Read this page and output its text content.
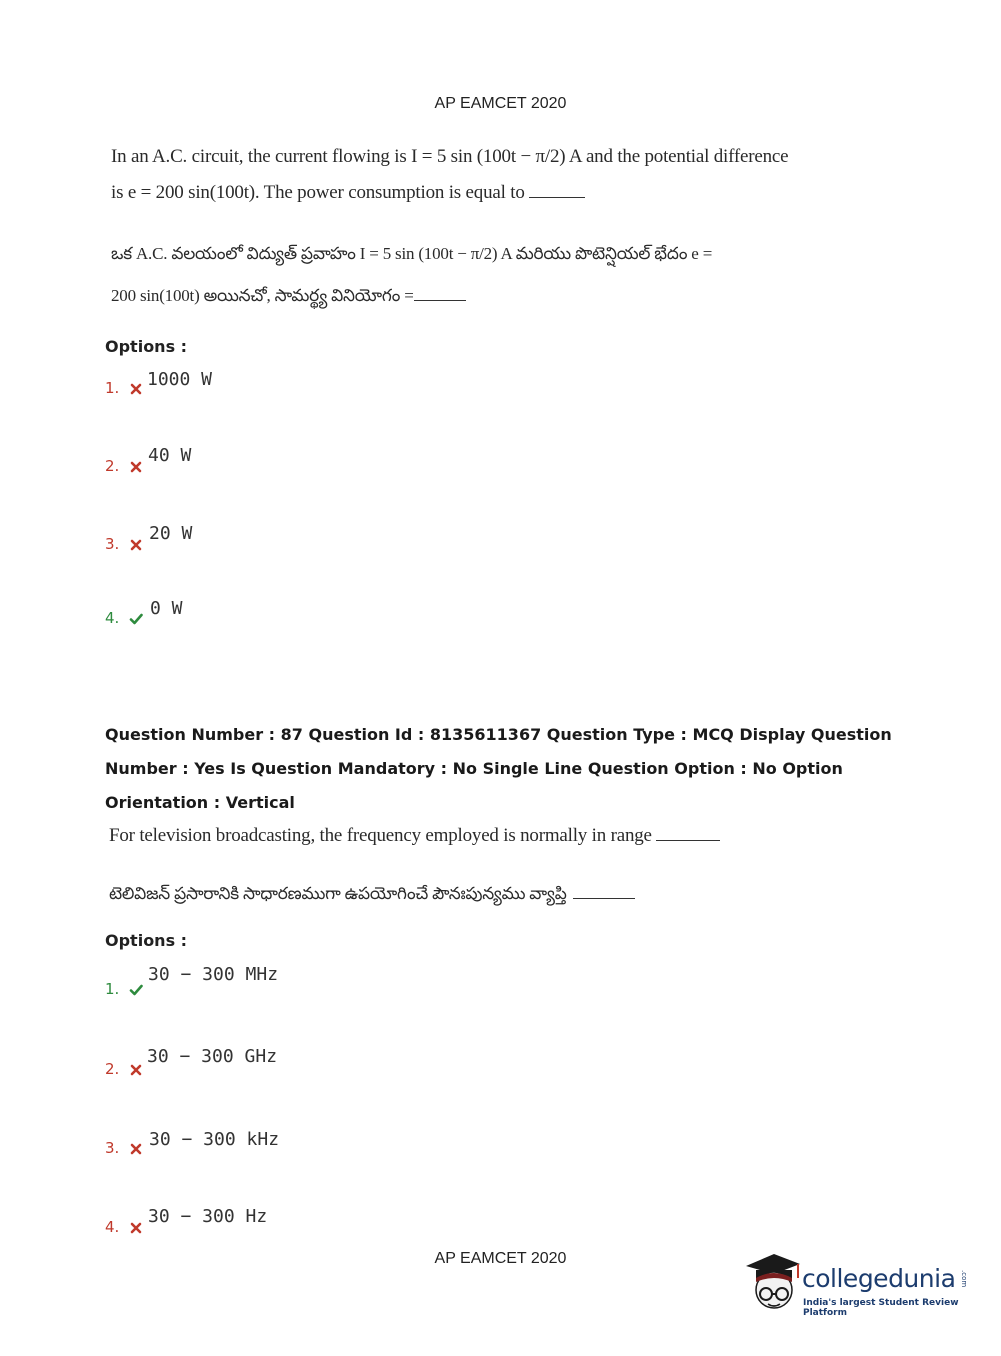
AP EAMCET 2020
In an A.C. circuit, the current flowing is I = 5 sin (100t − π/2) A and the potential difference
is e = 200 sin(100t). The power consumption is equal to
ఒక A.C. వలయంలో విద్యుత్ ప్రవాహం I = 5 sin (100t − π/2) A మరియు పొటెన్షియల్ భేదం e =
200 sin(100t) అయినచో, సామర్థ్య వినియోగం =
Options :
1.	1000 W
2.	40 W
3.	20 W
4.	0 W
Question Number : 87 Question Id : 8135611367 Question Type : MCQ Display Question
Number : Yes Is Question Mandatory : No Single Line Question Option : No Option
Orientation : Vertical
For television broadcasting, the frequency employed is normally in range
టెలివిజన్ ప్రసారానికి సాధారణముగా ఉపయోగించే పౌనఃపున్యము వ్యాప్తి
Options :
1.
30 − 300 MHz
2.
30 − 300 GHz
3.	30 − 300 kHz
4.	30 − 300 Hz
AP EAMCET 2020
collegedunia .com
India's largest Student Review Platform
